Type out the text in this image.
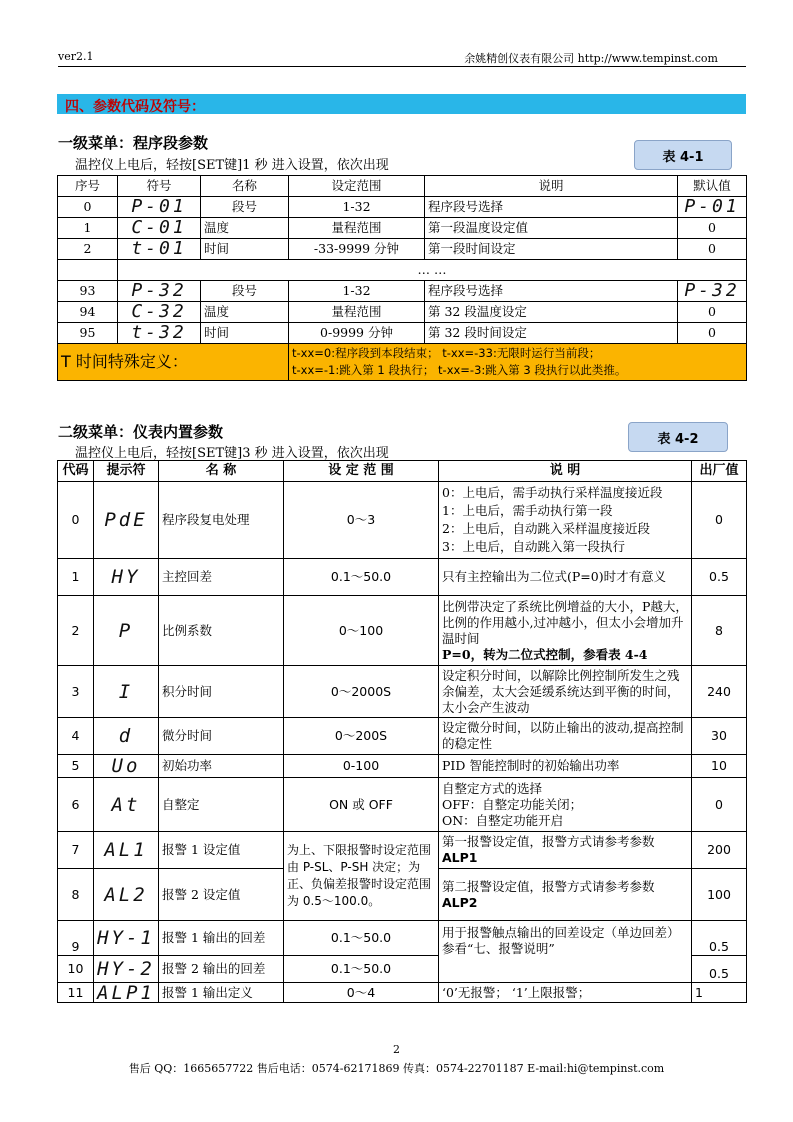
ver2.1	余姚精创仪表有限公司 http://www.tempinst.com
四、参数代码及符号：
一级菜单：程序段参数
温控仪上电后，轻按[SET键]1 秒 进入设置，依次出现
表 4-1
序号	符号	名称	设定范围	说明	默认值
0	P-01	段号	1-32	程序段号选择	P-01
1	C-01	温度	量程范围	第一段温度设定值	0
2	t-01	时间	-33-9999 分钟	第一段时间设定	0
	… …				
93	P-32	段号	1-32	程序段号选择	P-32
94	C-32	温度	量程范围	第 32 段温度设定	0
95	t-32	时间	0-9999 分钟	第 32 段时间设定	0
T 时间特殊定义：			t-xx=0:程序段到本段结束； t-xx=-33:无限时运行当前段；
t-xx=-1:跳入第 1 段执行； t-xx=-3:跳入第 3 段执行以此类推。		
二级菜单：仪表内置参数
温控仪上电后，轻按[SET键]3 秒 进入设置，依次出现
表 4-2
代码	提示符	名 称	设 定 范 围	说 明	出厂值
0	PdE	程序段复电处理	0～3	0：上电后，需手动执行采样温度接近段
1：上电后，需手动执行第一段
2：上电后，自动跳入采样温度接近段
3：上电后，自动跳入第一段执行	0
1	HY	主控回差	0.1～50.0	只有主控输出为二位式(P=0)时才有意义	0.5
2	P	比例系数	0～100	比例带决定了系统比例增益的大小，P越大，比例的作用越小,过冲越小，但太小会增加升温时间
P=0，转为二位式控制，参看表 4-4	8
3	I	积分时间	0～2000S	设定积分时间，以解除比例控制所发生之残余偏差，太大会延缓系统达到平衡的时间，太小会产生波动	240
4	d	微分时间	0～200S	设定微分时间，以防止输出的波动,提高控制的稳定性	30
5	Uo	初始功率	0-100	PID 智能控制时的初始输出功率	10
6	At	自整定	ON 或 OFF	自整定方式的选择
OFF：自整定功能关闭；
ON：自整定功能开启	0
7	AL1	报警 1 设定值	为上、下限报警时设定范围由 P-SL、P-SH 决定；为正、负偏差报警时设定范围为 0.5～100.0。	第一报警设定值，报警方式请参考参数
ALP1	200
8	AL2	报警 2 设定值		第二报警设定值，报警方式请参考参数
ALP2	100
9	HY-1	报警 1 输出的回差	0.1～50.0	用于报警触点输出的回差设定（单边回差）
参看“七、报警说明”	0.5
10	HY-2	报警 2 输出的回差	0.1～50.0		0.5
11	ALP1	报警 1 输出定义	0～4	‘0’无报警； ‘1’上限报警；	1
2
售后 QQ：1665657722 售后电话：0574-62171869 传真：0574-22701187 E-mail:hi@tempinst.com
